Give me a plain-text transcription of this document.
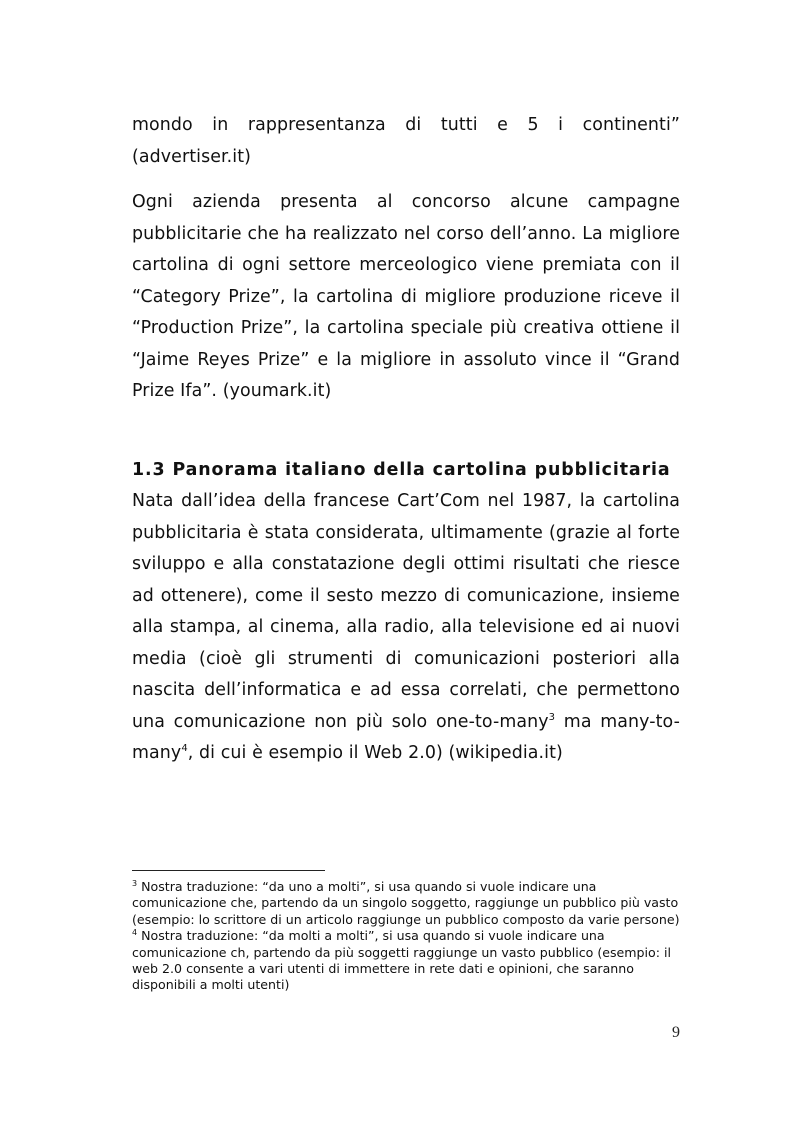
mondo in rappresentanza di tutti e 5 i continenti” (advertiser.it)

Ogni azienda presenta al concorso alcune campagne pubblicitarie che ha realizzato nel corso dell’anno. La migliore cartolina di ogni settore merceologico viene premiata con il “Category Prize”, la cartolina di migliore produzione riceve il “Production Prize”, la cartolina speciale più creativa ottiene il “Jaime Reyes Prize” e la migliore in assoluto vince il “Grand Prize Ifa”. (youmark.it)

1.3 Panorama italiano della cartolina pubblicitaria

Nata dall’idea della francese Cart’Com nel 1987, la cartolina pubblicitaria è stata considerata, ultimamente (grazie al forte sviluppo e alla constatazione degli ottimi risultati che riesce ad ottenere), come il sesto mezzo di comunicazione, insieme alla stampa, al cinema, alla radio, alla televisione ed ai nuovi media (cioè gli strumenti di comunicazioni posteriori alla nascita dell’informatica e ad essa correlati, che permettono una comunicazione non più solo one-to-many$^3$ ma many-to-many$^4$, di cui è esempio il Web 2.0) (wikipedia.it)

$^3$ Nostra traduzione: “da uno a molti”, si usa quando si vuole indicare una comunicazione che, partendo da un singolo soggetto, raggiunge un pubblico più vasto (esempio: lo scrittore di un articolo raggiunge un pubblico composto da varie persone)

$^4$ Nostra traduzione: “da molti a molti”, si usa quando si vuole indicare una comunicazione ch, partendo da più soggetti raggiunge un vasto pubblico (esempio: il web 2.0 consente a vari utenti di immettere in rete dati e opinioni, che saranno disponibili a molti utenti)

9
